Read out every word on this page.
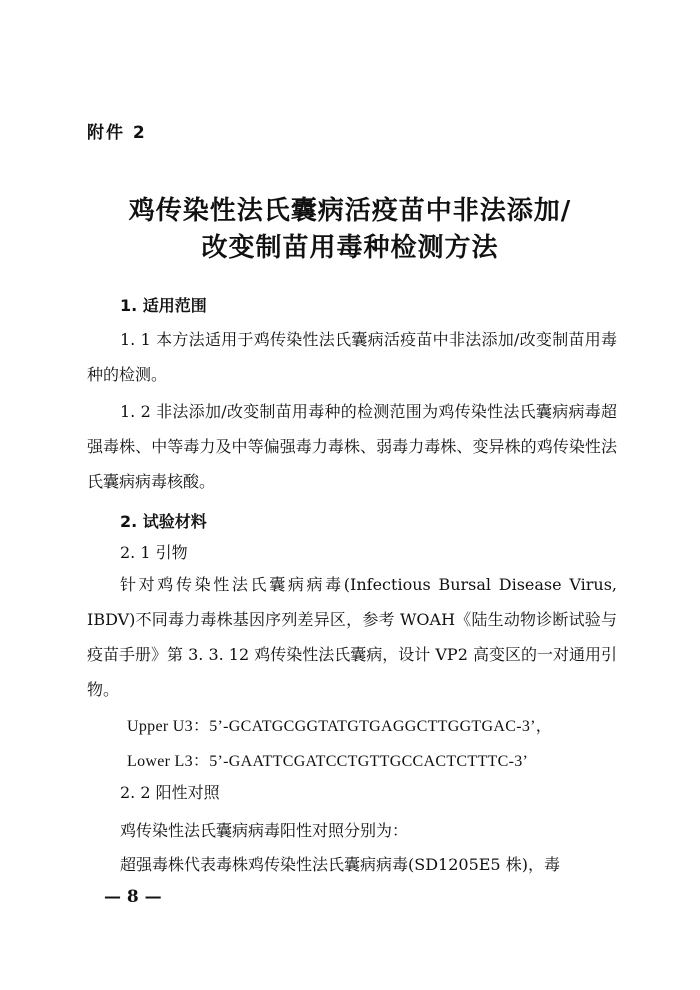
附件 2
鸡传染性法氏囊病活疫苗中非法添加/
改变制苗用毒种检测方法
1. 适用范围
1. 1 本方法适用于鸡传染性法氏囊病活疫苗中非法添加/改变制苗用毒种的检测。
1. 2 非法添加/改变制苗用毒种的检测范围为鸡传染性法氏囊病病毒超强毒株、中等毒力及中等偏强毒力毒株、弱毒力毒株、变异株的鸡传染性法氏囊病病毒核酸。
2. 试验材料
2. 1 引物
针对鸡传染性法氏囊病病毒(Infectious Bursal Disease Virus, IBDV)不同毒力毒株基因序列差异区，参考 WOAH《陆生动物诊断试验与疫苗手册》第 3. 3. 12 鸡传染性法氏囊病，设计 VP2 高变区的一对通用引物。
Upper U3：5’-GCATGCGGTATGTGAGGCTTGGTGAC-3’，
Lower L3：5’-GAATTCGATCCTGTTGCCACTCTTTC-3’
2. 2 阳性对照
鸡传染性法氏囊病病毒阳性对照分别为：
超强毒株代表毒株鸡传染性法氏囊病病毒(SD1205E5 株)，毒
— 8 —
